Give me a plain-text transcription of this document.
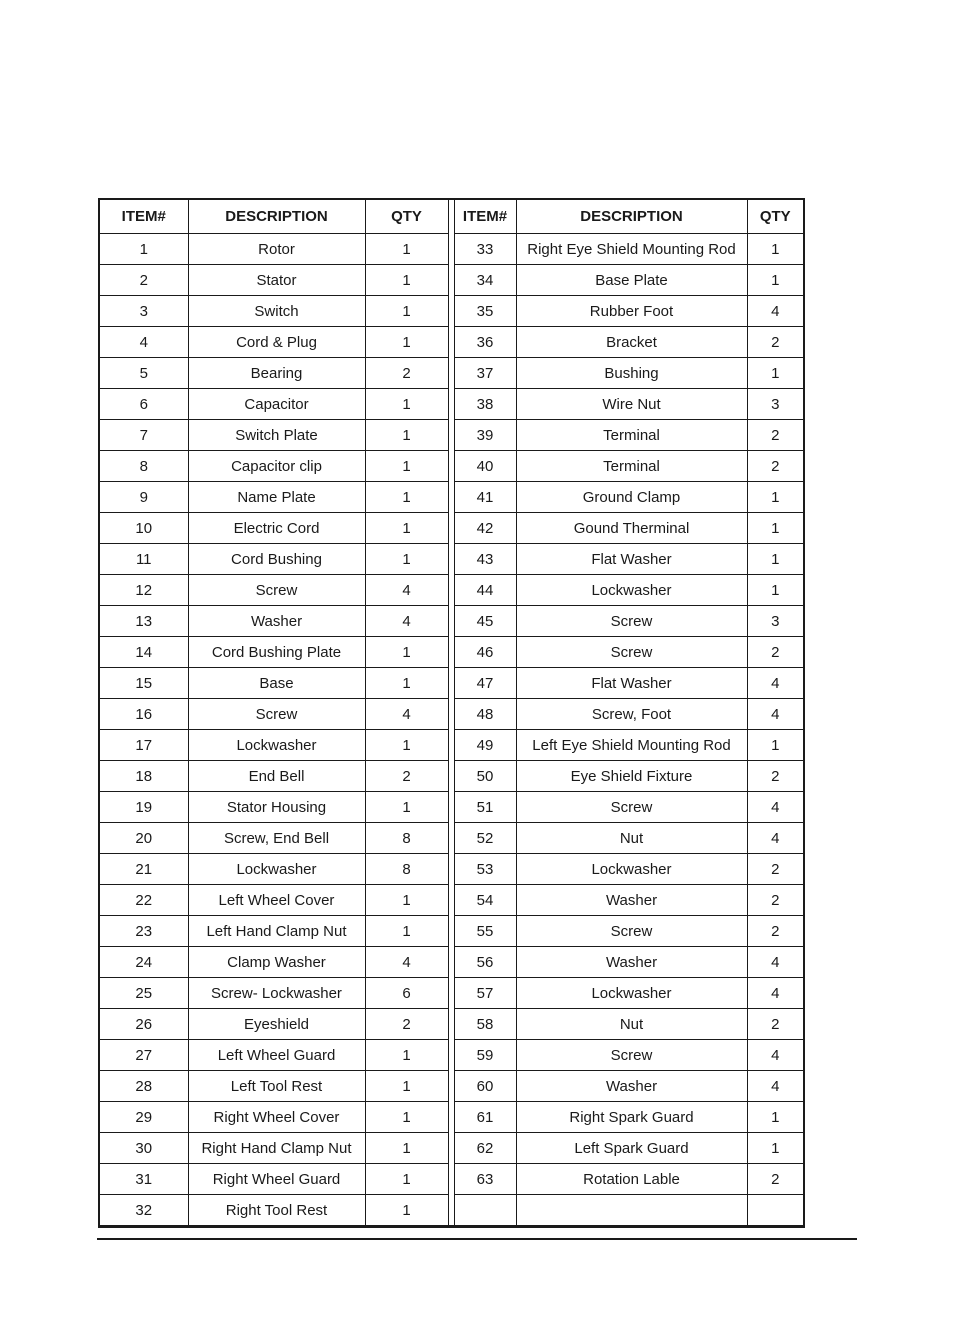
ITEM#	DESCRIPTION	QTY		ITEM#	DESCRIPTION	QTY
1	Rotor	1		33	Right Eye Shield Mounting Rod	1
2	Stator	1		34	Base Plate	1
3	Switch	1		35	Rubber Foot	4
4	Cord & Plug	1		36	Bracket	2
5	Bearing	2		37	Bushing	1
6	Capacitor	1		38	Wire Nut	3
7	Switch Plate	1		39	Terminal	2
8	Capacitor clip	1		40	Terminal	2
9	Name Plate	1		41	Ground Clamp	1
10	Electric Cord	1		42	Gound Therminal	1
11	Cord Bushing	1		43	Flat Washer	1
12	Screw	4		44	Lockwasher	1
13	Washer	4		45	Screw	3
14	Cord Bushing Plate	1		46	Screw	2
15	Base	1		47	Flat Washer	4
16	Screw	4		48	Screw, Foot	4
17	Lockwasher	1		49	Left Eye Shield Mounting Rod	1
18	End Bell	2		50	Eye Shield Fixture	2
19	Stator Housing	1		51	Screw	4
20	Screw, End Bell	8		52	Nut	4
21	Lockwasher	8		53	Lockwasher	2
22	Left Wheel Cover	1		54	Washer	2
23	Left Hand Clamp Nut	1		55	Screw	2
24	Clamp Washer	4		56	Washer	4
25	Screw- Lockwasher	6		57	Lockwasher	4
26	Eyeshield	2		58	Nut	2
27	Left Wheel Guard	1		59	Screw	4
28	Left Tool Rest	1		60	Washer	4
29	Right Wheel Cover	1		61	Right Spark Guard	1
30	Right Hand Clamp Nut	1		62	Left Spark Guard	1
31	Right Wheel Guard	1		63	Rotation Lable	2
32	Right Tool Rest	1				
